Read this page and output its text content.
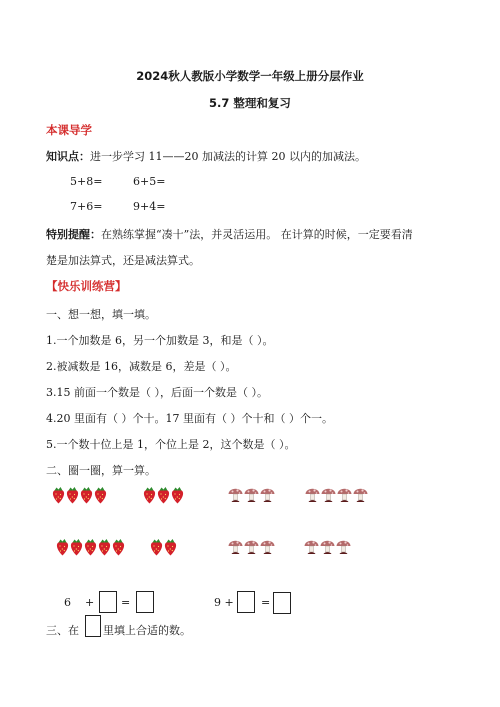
2024秋人教版小学数学一年级上册分层作业
5.7 整理和复习
本课导学
知识点：进一步学习 11——20 加减法的计算 20 以内的加减法。
5+8=	6+5=
7+6=	9+4=
特别提醒：在熟练掌握“凑十”法，并灵活运用。 在计算的时候，一定要看清
楚是加法算式，还是减法算式。
【快乐训练营】
一、想一想，填一填。
1.一个加数是 6，另一个加数是 3，和是（ ）。
2.被减数是 16，减数是 6，差是（ ）。
3.15 前面一个数是（ ），后面一个数是（ ）。
4.20 里面有（ ）个十。17 里面有（ ）个十和（ ）个一。
5.一个数十位上是 1，个位上是 2，这个数是（ ）。
二、圈一圈，算一算。
6 + =	9 + =
三、在 里填上合适的数。
